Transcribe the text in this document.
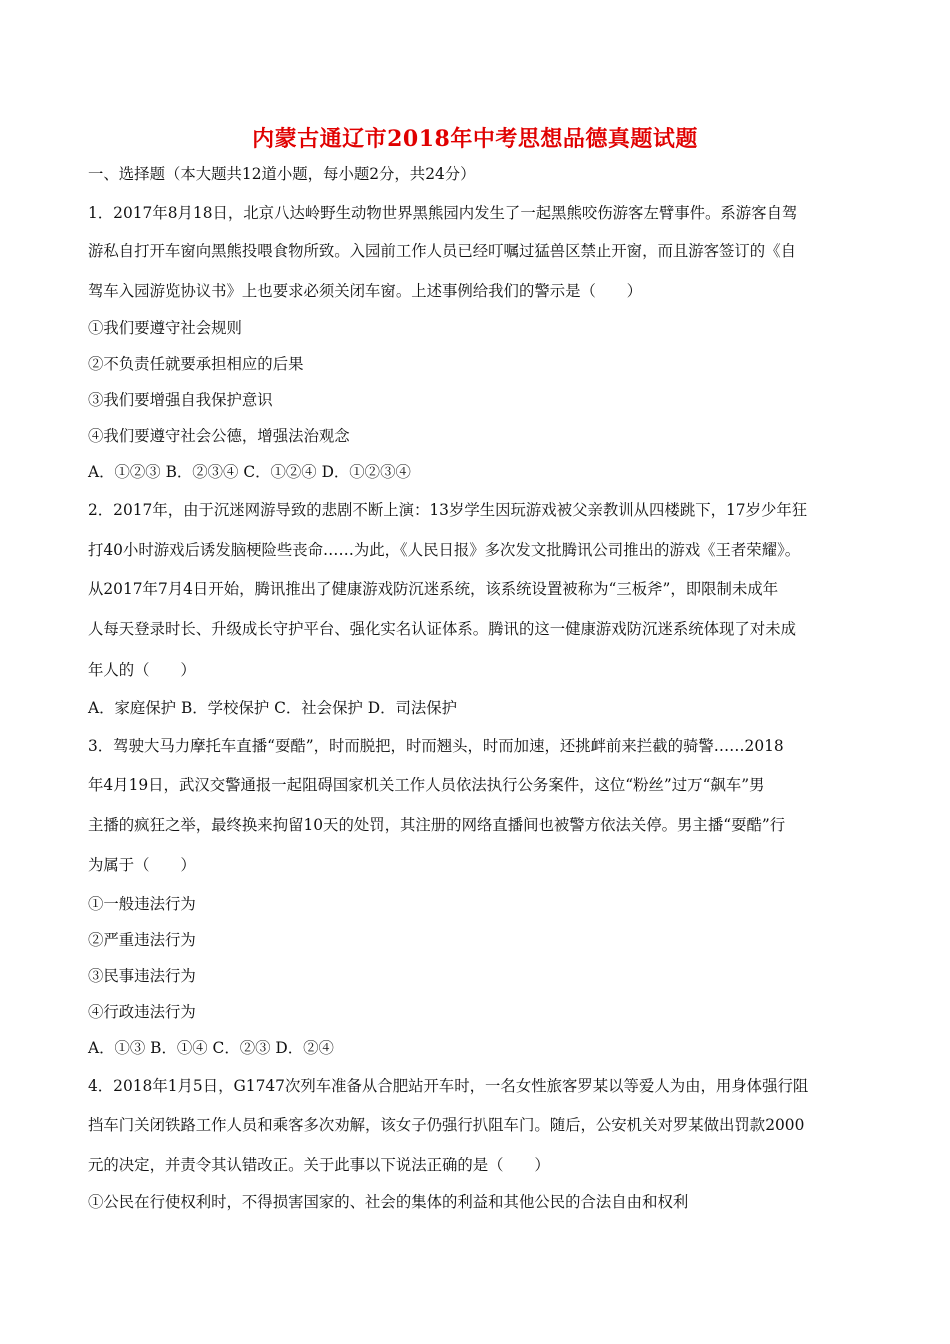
内蒙古通辽市2018年中考思想品德真题试题
一、选择题（本大题共12道小题，每小题2分，共24分）
1．2017年8月18日，北京八达岭野生动物世界黑熊园内发生了一起黑熊咬伤游客左臂事件。系游客自驾
游私自打开车窗向黑熊投喂食物所致。入园前工作人员已经叮嘱过猛兽区禁止开窗，而且游客签订的《自
驾车入园游览协议书》上也要求必须关闭车窗。上述事例给我们的警示是（　　）
①我们要遵守社会规则
②不负责任就要承担相应的后果
③我们要增强自我保护意识
④我们要遵守社会公德，增强法治观念
A．①②③ B．②③④ C．①②④ D．①②③④
2．2017年，由于沉迷网游导致的悲剧不断上演：13岁学生因玩游戏被父亲教训从四楼跳下，17岁少年狂
打40小时游戏后诱发脑梗险些丧命……为此，《人民日报》多次发文批腾讯公司推出的游戏《王者荣耀》。
从2017年7月4日开始，腾讯推出了健康游戏防沉迷系统，该系统设置被称为“三板斧”，即限制未成年
人每天登录时长、升级成长守护平台、强化实名认证体系。腾讯的这一健康游戏防沉迷系统体现了对未成
年人的（　　）
A．家庭保护 B．学校保护 C．社会保护 D．司法保护
3．驾驶大马力摩托车直播“耍酷”，时而脱把，时而翘头，时而加速，还挑衅前来拦截的骑警……2018
年4月19日，武汉交警通报一起阻碍国家机关工作人员依法执行公务案件，这位“粉丝”过万“飙车”男
主播的疯狂之举，最终换来拘留10天的处罚，其注册的网络直播间也被警方依法关停。男主播“耍酷”行
为属于（　　）
①一般违法行为
②严重违法行为
③民事违法行为
④行政违法行为
A．①③ B．①④ C．②③ D．②④
4．2018年1月5日，G1747次列车准备从合肥站开车时，一名女性旅客罗某以等爱人为由，用身体强行阻
挡车门关闭铁路工作人员和乘客多次劝解，该女子仍强行扒阻车门。随后，公安机关对罗某做出罚款2000
元的决定，并责令其认错改正。关于此事以下说法正确的是（　　）
①公民在行使权利时，不得损害国家的、社会的集体的利益和其他公民的合法自由和权利
